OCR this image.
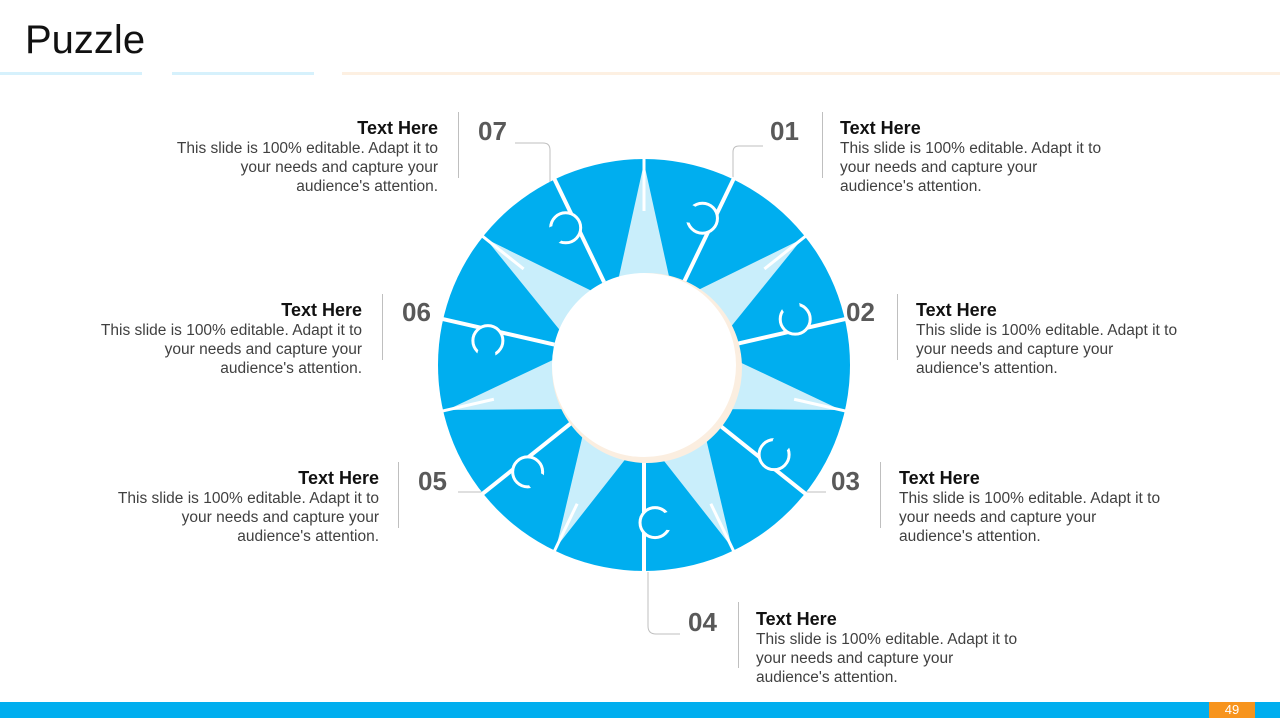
Puzzle
01 Text Here

This slide is 100% editable. Adapt it to

your needs and capture your

audience's attention.

02 Text Here

This slide is 100% editable. Adapt it to

your needs and capture your

audience's attention.

03 Text Here

This slide is 100% editable. Adapt it to

your needs and capture your

audience's attention.

04 Text Here

This slide is 100% editable. Adapt it to

your needs and capture your

audience's attention.

05
Text Here

This slide is 100% editable. Adapt it to

your needs and capture your

audience's attention.

06
Text Here

This slide is 100% editable. Adapt it to

your needs and capture your

audience's attention.

07
Text Here

This slide is 100% editable. Adapt it to

your needs and capture your

audience's attention.

49
